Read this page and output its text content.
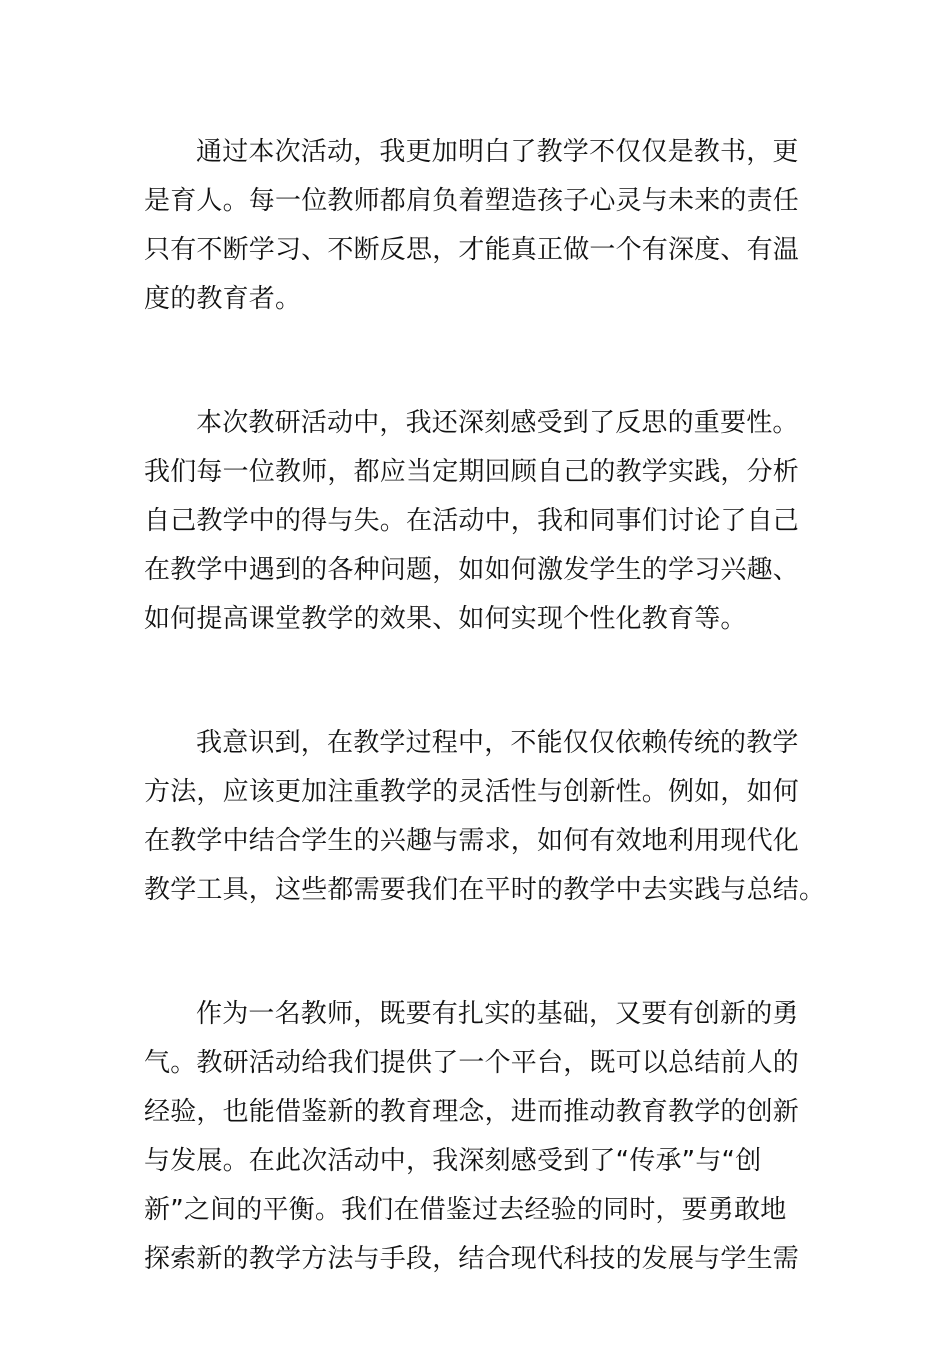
通过本次活动，我更加明白了教学不仅仅是教书，更
是育人。每一位教师都肩负着塑造孩子心灵与未来的责任
只有不断学习、不断反思，才能真正做一个有深度、有温
度的教育者。

本次教研活动中，我还深刻感受到了反思的重要性。
我们每一位教师，都应当定期回顾自己的教学实践，分析
自己教学中的得与失。在活动中，我和同事们讨论了自己
在教学中遇到的各种问题，如如何激发学生的学习兴趣、
如何提高课堂教学的效果、如何实现个性化教育等。

我意识到，在教学过程中，不能仅仅依赖传统的教学
方法，应该更加注重教学的灵活性与创新性。例如，如何
在教学中结合学生的兴趣与需求，如何有效地利用现代化
教学工具，这些都需要我们在平时的教学中去实践与总结。

作为一名教师，既要有扎实的基础，又要有创新的勇
气。教研活动给我们提供了一个平台，既可以总结前人的
经验，也能借鉴新的教育理念，进而推动教育教学的创新
与发展。在此次活动中，我深刻感受到了“传承”与“创
新”之间的平衡。我们在借鉴过去经验的同时，要勇敢地
探索新的教学方法与手段，结合现代科技的发展与学生需
